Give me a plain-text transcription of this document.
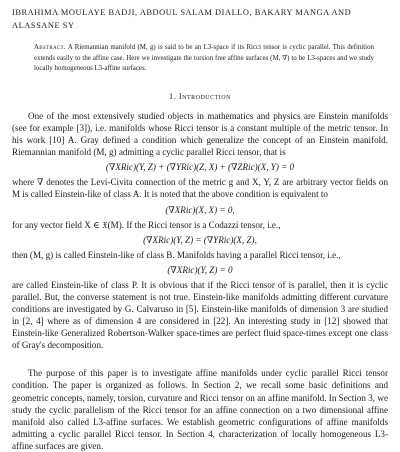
IBRAHIMA MOULAYE BADJI, ABDOUL SALAM DIALLO, BAKARY MANGA AND
ALASSANE SY
Abstract. A Riemannian manifold (M, g) is said to be an L3-space if its Ricci tensor is cyclic parallel. This definition extends easily to the affine case. Here we investigate the torsion free affine surfaces (M, ∇) to be L3-spaces and we study locally homogeneous L3-affine surfaces.
1. Introduction

One of the most extensively studied objects in mathematics and physics are Einstein manifolds (see for example [3]), i.e. manifolds whose Ricci tensor is a constant multiple of the metric tensor. In his work [10] A. Gray defined a condition which generalize the concept of an Einstein manifold. Riemannian manifold (M, g) admitting a cyclic parallel Ricci tensor, that is

(∇XRic)(Y, Z) + (∇YRic)(Z, X) + (∇ZRic)(X, Y) = 0

where ∇ denotes the Levi-Civita connection of the metric g and X, Y, Z are arbitrary vector fields on M is called Einstein-like of class A. It is noted that the above condition is equivalent to

(∇XRic)(X, X) = 0,

for any vector field X ∈ 𝔛(M). If the Ricci tensor is a Codazzi tensor, i.e.,

(∇XRic)(Y, Z) = (∇YRic)(X, Z),

then (M, g) is called Einstein-like of class B. Manifolds having a parallel Ricci tensor, i.e.,

(∇XRic)(Y, Z) = 0

are called Einstein-like of class P. It is obvious that if the Ricci tensor of is parallel, then it is cyclic parallel. But, the converse statement is not true. Einstein-like manifolds admitting different curvature conditions are investigated by G. Calvaruso in [5]. Einstein-like manifolds of dimension 3 are studied in [2, 4] where as of dimension 4 are considered in [22]. An interesting study in [12] showed that Einstein-like Generalized Robertson-Walker space-times are perfect fluid space-times except one class of Gray's decomposition.

The purpose of this paper is to investigate affine manifolds under cyclic parallel Ricci tensor condition. The paper is organized as follows. In Section 2, we recall some basic definitions and geometric concepts, namely, torsion, curvature and Ricci tensor on an affine manifold. In Section 3, we study the cyclic parallelism of the Ricci tensor for an affine connection on a two dimensional affine manifold also called L3-affine surfaces. We establish geometric configurations of affine manifolds admitting a cyclic parallel Ricci tensor. In Section 4, characterization of locally homogeneous L3-affine surfaces are given.
